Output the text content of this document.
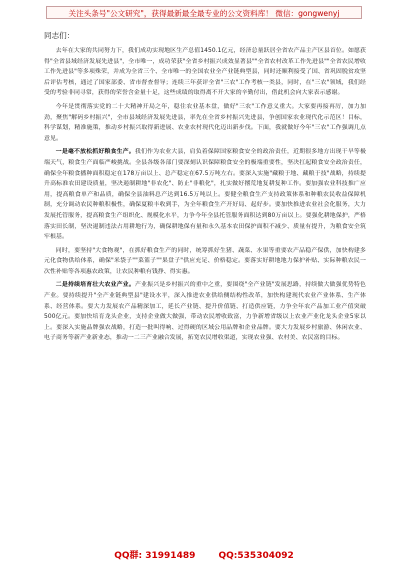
关注头条号"公文研究"，获得最新最全最专业的公文资料库！ 微信：gongwenyj

同志们：

去年在大家的共同努力下，我们成功实现地区生产总值1450.1亿元，经济总量跃居全省农产品主产区县首位。如愿获得"全省县域经济发展先进县"，全市唯一，成功荣获"全省乡村振兴成效显著县""全省农村改革工作先进县""全省农民增收工作先进县"等多项殊荣，并成为全省三个、全市唯一的全国农业全产业链典型县，同时还顺利接受了国、省巩固脱贫攻坚后评估考核，通过了国家部委、省市督查督导；连续三年获评全省"三农"工作考核一类县，同时，在"三农"领域，我们经受的考验非同寻常，获得的荣誉含金量十足，这些成绩的取得离不开大家的辛勤付出，借此机会向大家表示感谢。

今年是贯彻落实党的二十大精神开局之年，稳住农业基本盘，做好"三农"工作意义重大。大家要再接再厉，加力加劲，聚焦"解码乡村振兴"，全市县域经济发展先进县，率先在全省乡村振兴先进县，争创国家农业现代化示范区！目标，科学谋划，精准施策，推动乡村振兴取得新进展、农业农村现代化迈出新步伐。下面，我就做好今年"三农"工作强调几点意见。

一是毫不放松抓好粮食生产。我们作为农业大县，肩负着保障国家粮食安全的政治责任，近期很多地方出现干旱等极端天气，粮食生产面临严峻挑战。全县各级各部门要深刻认识保障粮食安全的极端重要性，坚决扛起粮食安全政治责任，确保全年粮食播种面积稳定在178万亩以上、总产稳定在67.5万吨左右。要深入实施"藏粮于地、藏粮于技"战略，持续提升高标准农田建设质量，坚决遏制耕地"非农化"、防止"非粮化"，扎实做好撂荒地复耕复种工作。要加强农业科技推广应用，提高粮食单产和品质，确保全县油料总产达到16.5万吨以上。要健全粮食生产支持政策体系和种粮农民收益保障机制，充分调动农民种粮积极性，确保夏粮丰收到手，为全年粮食生产开好局、起好步。要加快推进农业社会化服务，大力发展托管服务，提高粮食生产组织化、规模化水平，力争今年全县托管服务面积达到80万亩以上。要强化耕地保护，严格落实田长制，坚决遏制违法占用耕地行为，确保耕地保有量和永久基本农田保护面积不减少、质量有提升，为粮食安全筑牢根基。

同时，要坚持"大食物观"，在抓好粮食生产的同时，统筹抓好生猪、蔬菜、水果等重要农产品稳产保供，加快构建多元化食物供给体系，确保"米袋子""菜篮子""果盘子"供应充足、价格稳定。要落实好耕地地力保护补贴、实际种粮农民一次性补贴等各项惠农政策，让农民种粮有钱挣、得实惠。

二是持续培育壮大农业产业。产业振兴是乡村振兴的重中之重，要围绕"全产业链"发展思路，持续做大做强优势特色产业。要持续提升"全产业链典型县"建设水平，深入推进农业供给侧结构性改革，加快构建现代农业产业体系、生产体系、经营体系。要大力发展农产品精深加工，延长产业链、提升价值链、打造供应链，力争全年农产品加工业产值突破500亿元。要加快培育龙头企业，支持企业做大做强，带动农民增收致富，力争新增省级以上农业产业化龙头企业5家以上。要深入实施品牌强农战略，打造一批叫得响、过得硬的区域公用品牌和企业品牌。要大力发展乡村旅游、休闲农业、电子商务等新产业新业态，推动一二三产业融合发展，拓宽农民增收渠道，实现农业强、农村美、农民富的目标。

QQ群: 31991489	QQ:535304092
